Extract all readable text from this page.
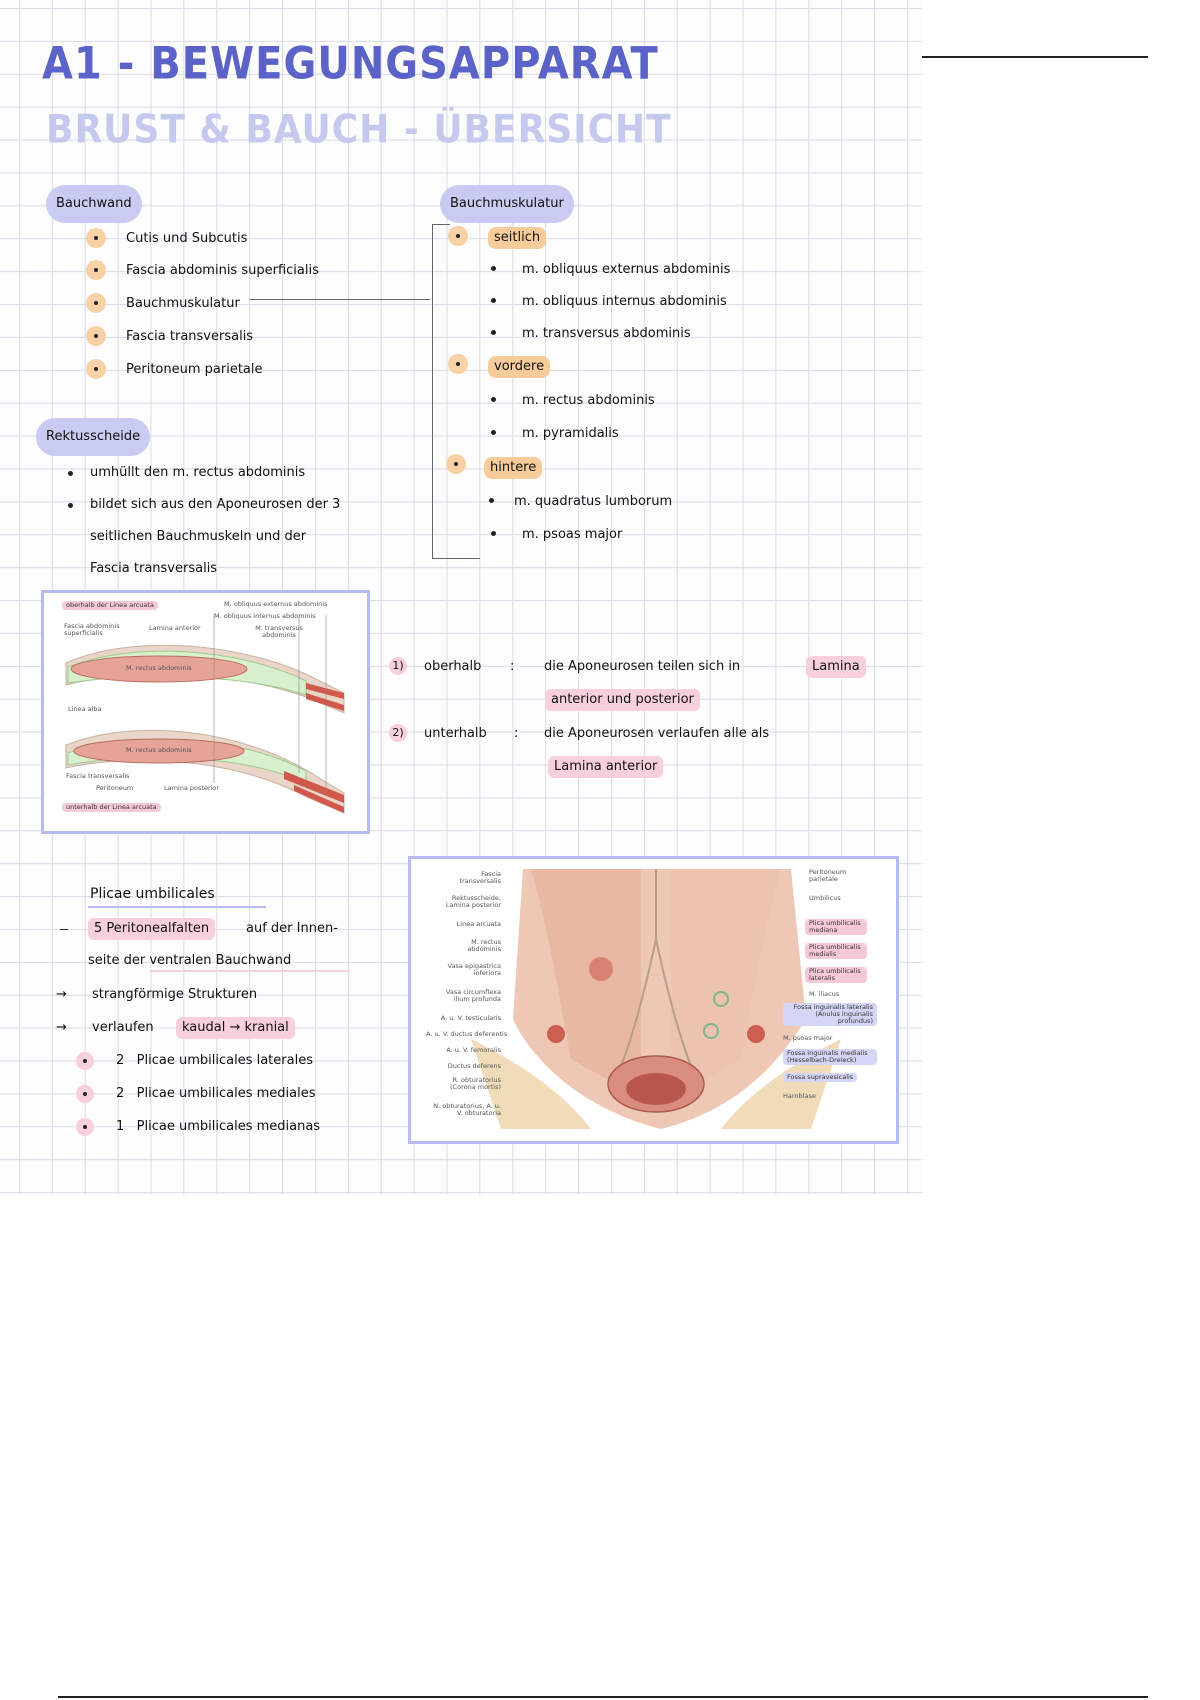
A1 - BEWEGUNGSAPPARAT
BRUST & BAUCH - ÜBERSICHT
Bauchwand
Cutis und Subcutis
Fascia abdominis superficialis
Bauchmuskulatur
Fascia transversalis
Peritoneum parietale
Rektusscheide
umhüllt den m. rectus abdominis
bildet sich aus den Aponeurosen der 3
seitlichen Bauchmuskeln und der
Fascia transversalis
Bauchmuskulatur
seitlich
m. obliquus externus abdominis
m. obliquus internus abdominis
m. transversus abdominis
vordere
m. rectus abdominis
m. pyramidalis
hintere
m. quadratus lumborum
m. psoas major
oberhalb der Linea arcuata	M. obliquus externus abdominis
M. obliquus internus abdominis
M. transversus abdominis
Fascia abdominis superficialis
Lamina anterior
M. rectus abdominis
Linea alba
M. rectus abdominis
Fascia transversalis
Peritoneum	Lamina posterior
unterhalb der Linea arcuata
1) oberhalb : die Aponeurosen teilen sich in	Lamina
anterior und posterior
2) unterhalb : die Aponeurosen verlaufen alle als
Lamina anterior
Plicae umbilicales
5 Peritonealfalten	auf der Innen-
seite der ventralen Bauchwand
→ strangförmige Strukturen
→ verlaufen	kaudal → kranial
2   Plicae umbilicales laterales
2   Plicae umbilicales mediales
1   Plicae umbilicales medianas
Fascia transversalis
Rektusscheide, Lamina posterior
Linea arcuata
M. rectus abdominis
Vasa epigastrica inferiora
Vasa circumflexa ilium profunda
A. u. V. testicularis
A. u. V. ductus deferentis
A. u. V. femoralis
Ductus deferens
R. obturatorius (Corona mortis)
N. obturatorius, A. u. V. obturatoria
Peritoneum parietale
Umbilicus
Plica umbilicalis mediana
Plica umbilicalis medialis
Plica umbilicalis lateralis
M. iliacus
Fossa inguinalis lateralis (Anulus inguinalis profundus)
M. psoas major
Fossa inguinalis medialis (Hesselbach-Dreieck)
Fossa supravesicalis
Harnblase
